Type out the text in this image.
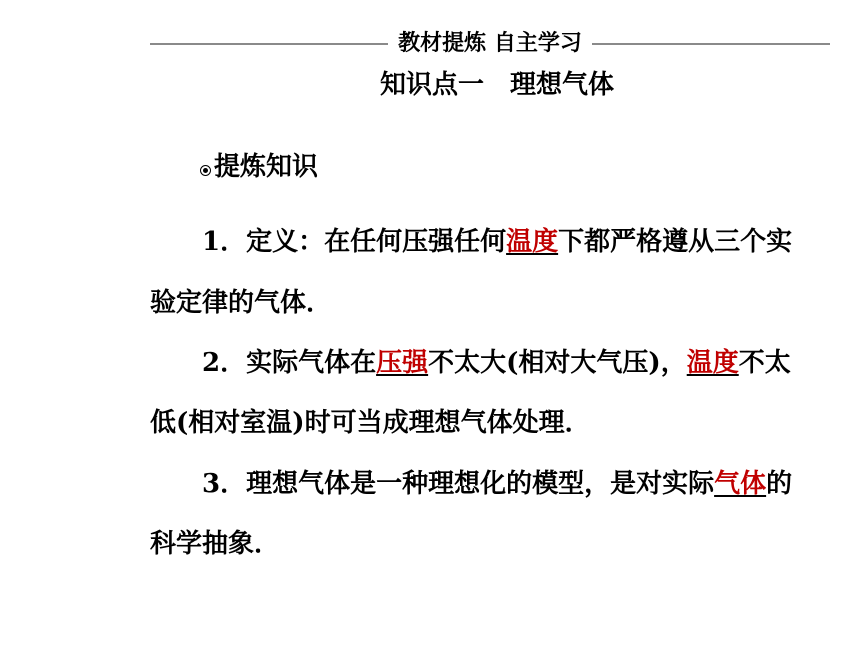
教材提炼 自主学习
知识点一　理想气体
提炼知识
1．定义：在任何压强任何温度下都严格遵从三个实
验定律的气体．
2．实际气体在压强不太大(相对大气压)，温度不太
低(相对室温)时可当成理想气体处理．
3．理想气体是一种理想化的模型，是对实际气体的
科学抽象．
